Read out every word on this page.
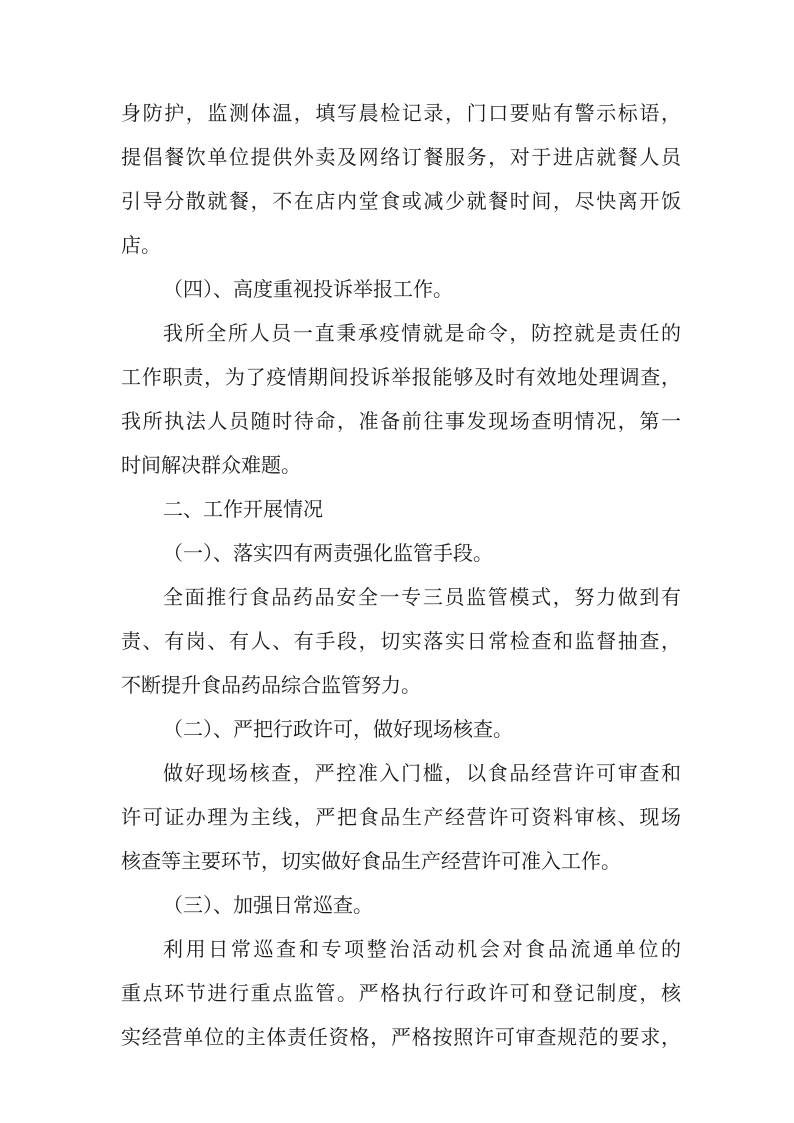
身防护，监测体温，填写晨检记录，门口要贴有警示标语，
提倡餐饮单位提供外卖及网络订餐服务，对于进店就餐人员
引导分散就餐，不在店内堂食或减少就餐时间，尽快离开饭
店。
（四）、高度重视投诉举报工作。
我所全所人员一直秉承疫情就是命令，防控就是责任的
工作职责，为了疫情期间投诉举报能够及时有效地处理调查，
我所执法人员随时待命，准备前往事发现场查明情况，第一
时间解决群众难题。
二、工作开展情况
（一）、落实四有两责强化监管手段。
全面推行食品药品安全一专三员监管模式，努力做到有
责、有岗、有人、有手段，切实落实日常检查和监督抽查，
不断提升食品药品综合监管努力。
（二）、严把行政许可，做好现场核查。
做好现场核查，严控准入门槛，以食品经营许可审查和
许可证办理为主线，严把食品生产经营许可资料审核、现场
核查等主要环节，切实做好食品生产经营许可准入工作。
（三）、加强日常巡查。
利用日常巡查和专项整治活动机会对食品流通单位的
重点环节进行重点监管。严格执行行政许可和登记制度，核
实经营单位的主体责任资格，严格按照许可审查规范的要求，
